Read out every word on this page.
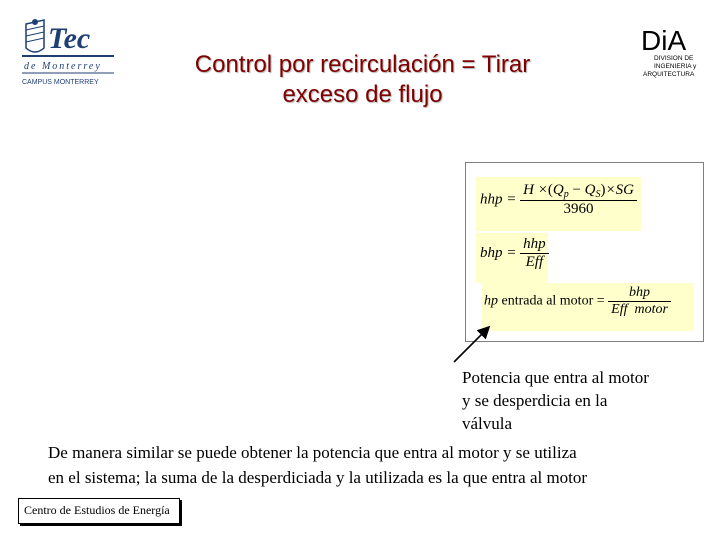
Tec
de Monterrey
CAMPUS MONTERREY
Control por recirculación = Tirar
exceso de flujo
DiA
DIVISION DE
INGENIERIA y
ARQUITECTURA
hhp = $\frac{H \times(Q_p - Q_S)\times SG}{3960}$
bhp = $\frac{\text{hhp}}{\text{Eff}}$
hp entrada al motor = $\frac{\text{bhp}}{\text{Eff motor}}$
Potencia que entra al motor
y se desperdicia en la
válvula
De manera similar se puede obtener la potencia que entra al motor y se utiliza
en el sistema; la suma de la desperdiciada y la utilizada es la que entra al motor
Centro de Estudios de Energía
